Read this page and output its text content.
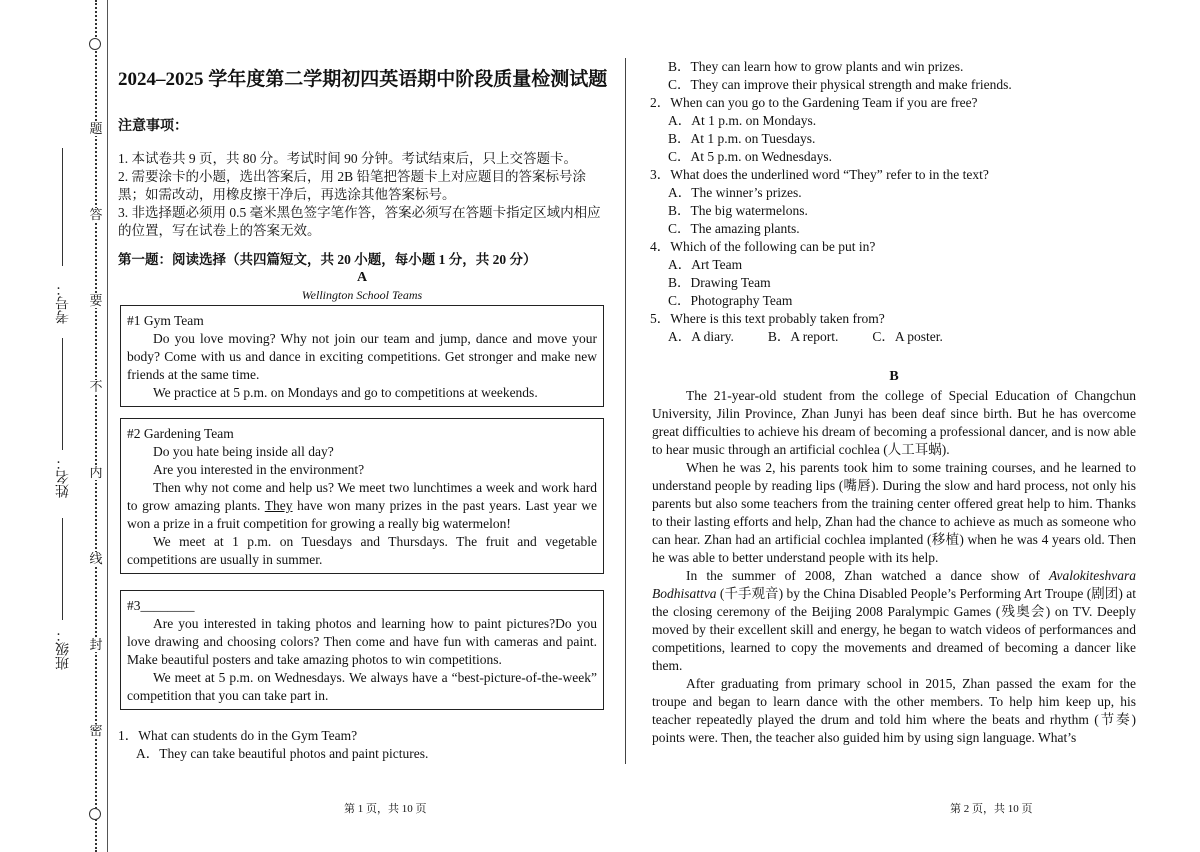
密
封
线
内
不
要
答
题
考号：
姓名：
班级：
2024–2025 学年度第二学期初四英语期中阶段质量检测试题
注意事项：

1. 本试卷共 9 页，共 80 分。考试时间 90 分钟。考试结束后，只上交答题卡。

2. 需要涂卡的小题，选出答案后，用 2B 铅笔把答题卡上对应题目的答案标号涂黑；如需改动，用橡皮擦干净后，再选涂其他答案标号。

3. 非选择题必须用 0.5 毫米黑色签字笔作答，答案必须写在答题卡指定区域内相应的位置，写在试卷上的答案无效。

第一题：阅读选择（共四篇短文，共 20 小题，每小题 1 分，共 20 分）
A
Wellington School Teams

#1 Gym Team

Do you love moving? Why not join our team and jump, dance and move your body? Come with us and dance in exciting competitions. Get stronger and make new friends at the same time.

We practice at 5 p.m. on Mondays and go to competitions at weekends.

#2 Gardening Team

Do you hate being inside all day?

Are you interested in the environment?

Then why not come and help us? We meet two lunchtimes a week and work hard to grow amazing plants. They have won many prizes in the past years. Last year we won a prize in a fruit competition for growing a really big watermelon!

We meet at 1 p.m. on Tuesdays and Thursdays. The fruit and vegetable competitions are usually in summer.

#3________

Are you interested in taking photos and learning how to paint pictures?Do you love drawing and choosing colors? Then come and have fun with cameras and paint. Make beautiful posters and take amazing photos to win competitions.

We meet at 5 p.m. on Wednesdays. We always have a “best-picture-of-the-week” competition that you can take part in.

1．What can students do in the Gym Team?

A．They can take beautiful photos and paint pictures.

第 1 页，共 10 页

B．They can learn how to grow plants and win prizes.

C．They can improve their physical strength and make friends.

2．When can you go to the Gardening Team if you are free?

A．At 1 p.m. on Mondays.

B．At 1 p.m. on Tuesdays.

C．At 5 p.m. on Wednesdays.

3．What does the underlined word “They” refer to in the text?

A．The winner’s prizes.

B．The big watermelons.

C．The amazing plants.

4．Which of the following can be put in?

A．Art Team

B．Drawing Team

C．Photography Team

5．Where is this text probably taken from?

A．A diary.	B．A report.	C．A poster.

B

The 21-year-old student from the college of Special Education of Changchun University, Jilin Province, Zhan Junyi has been deaf since birth. But he has overcome great difficulties to achieve his dream of becoming a professional dancer, and is now able to hear music through an artificial cochlea (人工耳蜗).

When he was 2, his parents took him to some training courses, and he learned to understand people by reading lips (嘴唇). During the slow and hard process, not only his parents but also some teachers from the training center offered great help to him. Thanks to their lasting efforts and help, Zhan had the chance to achieve as much as someone who can hear. Zhan had an artificial cochlea implanted (移植) when he was 4 years old. Then he was able to better understand people with its help.

In the summer of 2008, Zhan watched a dance show of Avalokiteshvara Bodhisattva (千手观音) by the China Disabled People’s Performing Art Troupe (剧团) at the closing ceremony of the Beijing 2008 Paralympic Games (残奥会) on TV. Deeply moved by their excellent skill and energy, he began to watch videos of performances and competitions, learned to copy the movements and dreamed of becoming a dancer like them.

After graduating from primary school in 2015, Zhan passed the exam for the troupe and began to learn dance with the other members. To help him keep up, his teacher repeatedly played the drum and told him where the beats and rhythm (节奏) points were. Then, the teacher also guided him by using sign language. What’s

第 2 页，共 10 页
